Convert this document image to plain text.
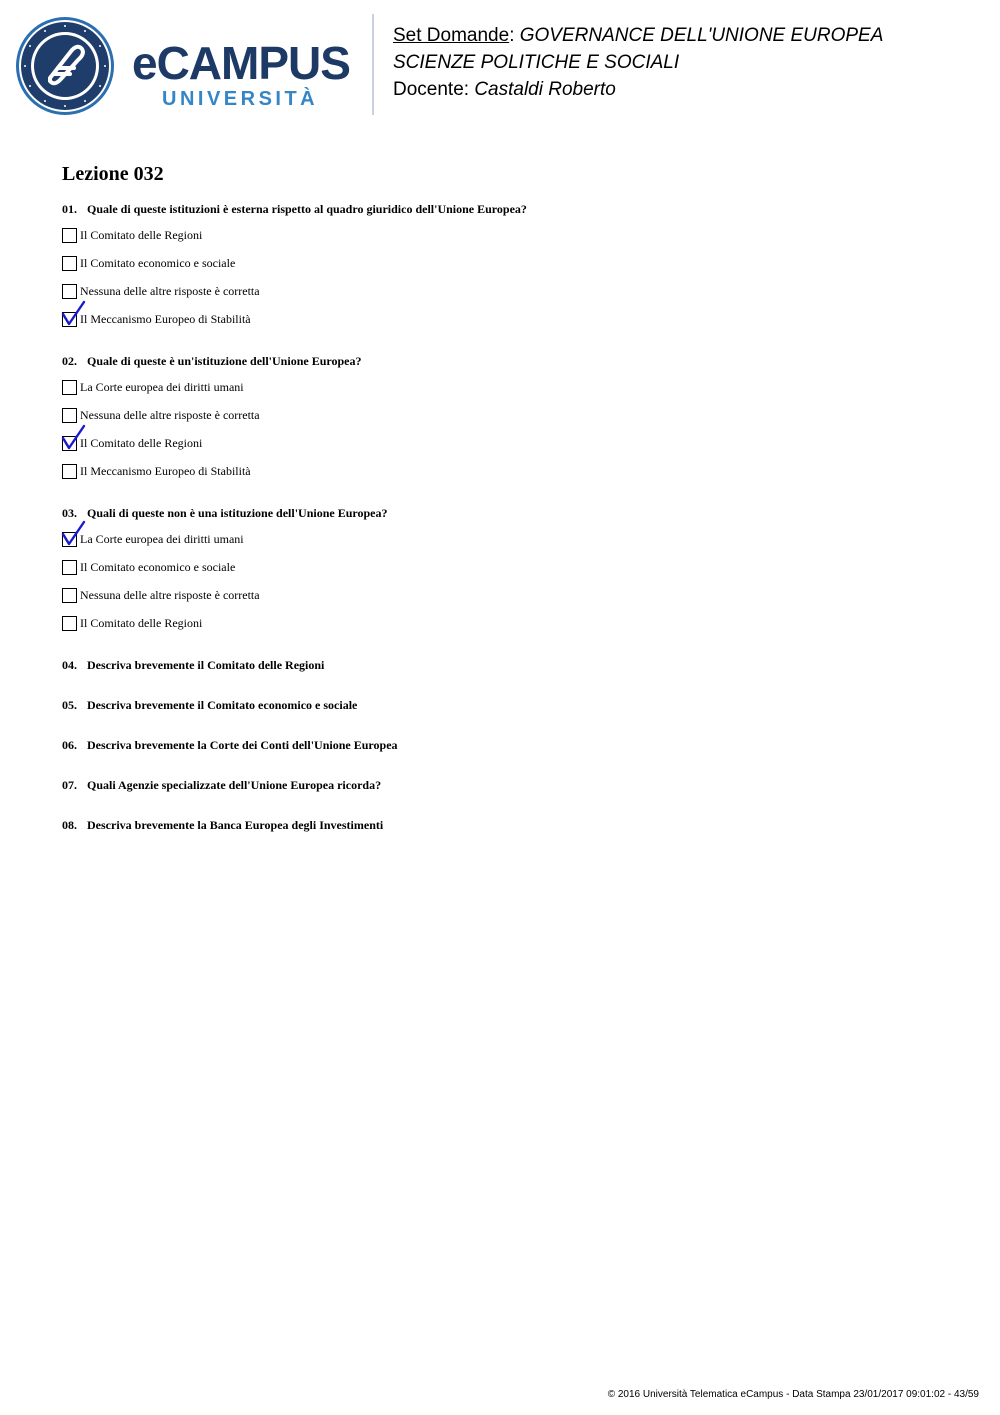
eCAMPUS
UNIVERSITÀ
Set Domande: GOVERNANCE DELL'UNIONE EUROPEA
SCIENZE POLITICHE E SOCIALI
Docente: Castaldi Roberto
Lezione 032
01. Quale di queste istituzioni è esterna rispetto al quadro giuridico dell'Unione Europea?
Il Comitato delle Regioni
Il Comitato economico e sociale
Nessuna delle altre risposte è corretta
Il Meccanismo Europeo di Stabilità
02. Quale di queste è un'istituzione dell'Unione Europea?
La Corte europea dei diritti umani
Nessuna delle altre risposte è corretta
Il Comitato delle Regioni
Il Meccanismo Europeo di Stabilità
03. Quali di queste non è una istituzione dell'Unione Europea?
La Corte europea dei diritti umani
Il Comitato economico e sociale
Nessuna delle altre risposte è corretta
Il Comitato delle Regioni
04. Descriva brevemente il Comitato delle Regioni
05. Descriva brevemente il Comitato economico e sociale
06. Descriva brevemente la Corte dei Conti dell'Unione Europea
07. Quali Agenzie specializzate dell'Unione Europea ricorda?
08. Descriva brevemente la Banca Europea degli Investimenti
© 2016 Università Telematica eCampus - Data Stampa 23/01/2017 09:01:02 - 43/59
